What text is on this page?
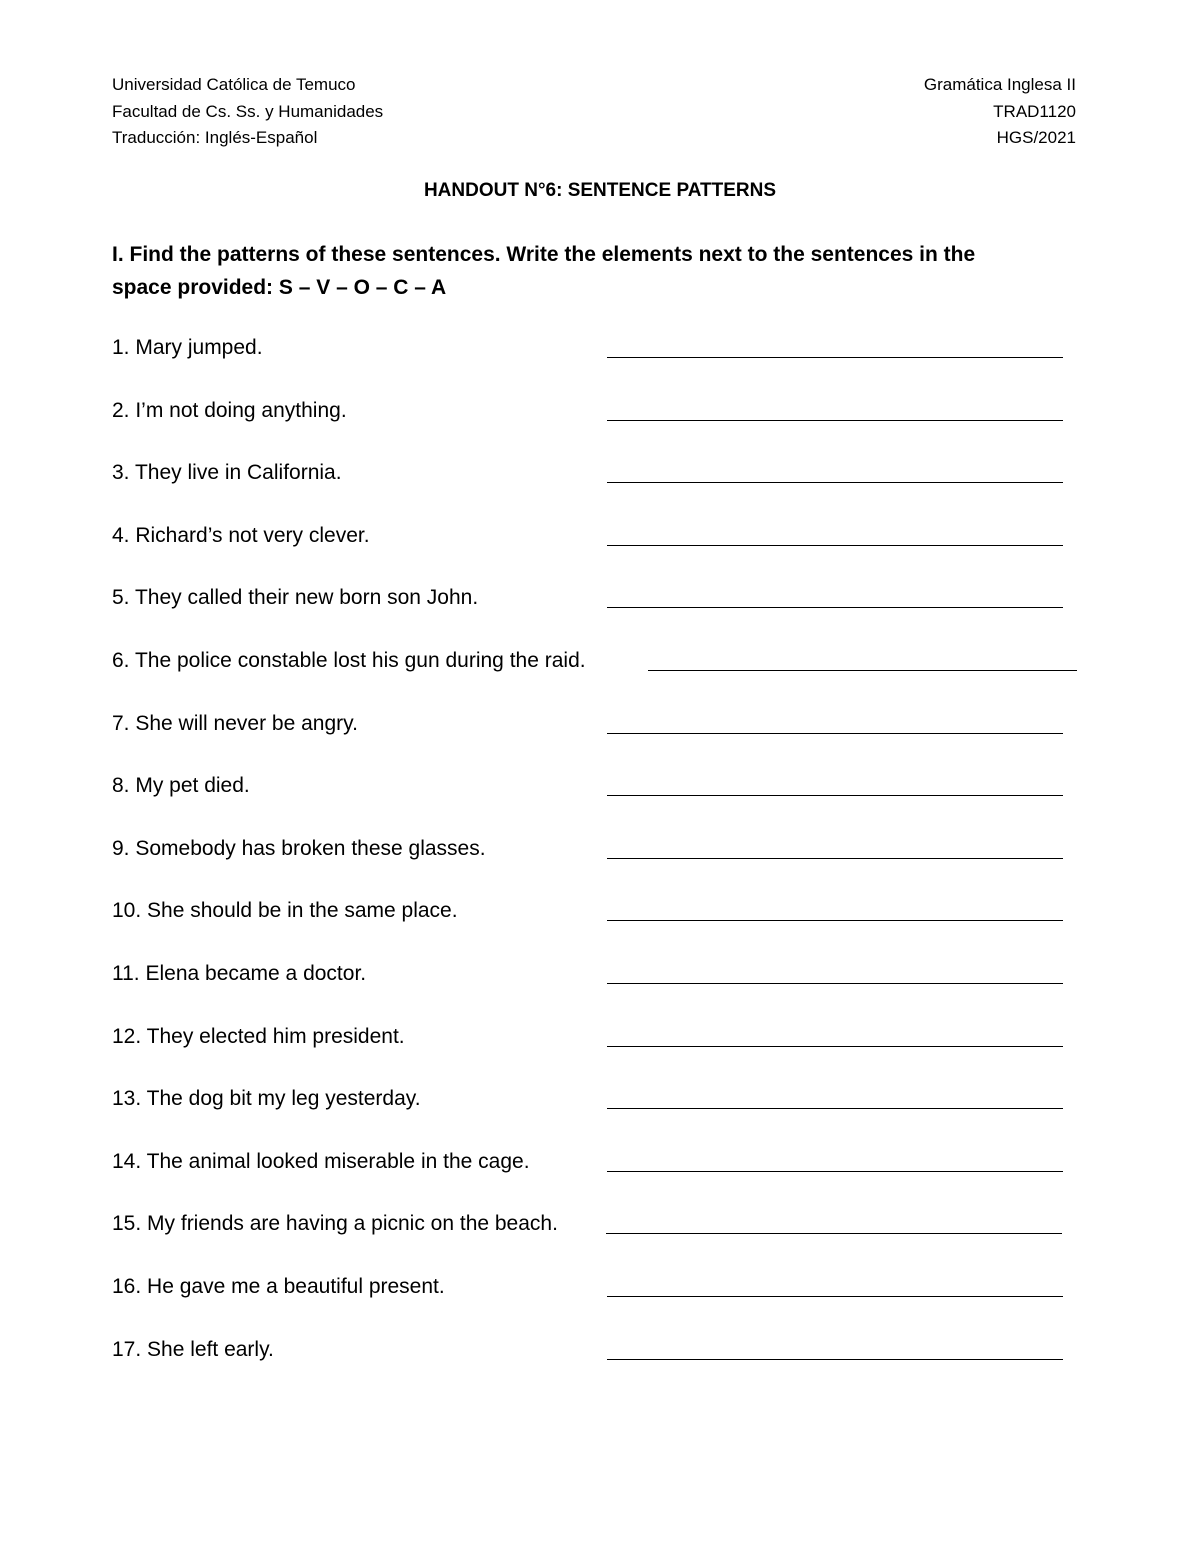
Universidad Católica de Temuco
Facultad de Cs. Ss. y Humanidades
Traducción: Inglés-Español
Gramática Inglesa II
TRAD1120
HGS/2021
HANDOUT N°6: SENTENCE PATTERNS
I. Find the patterns of these sentences. Write the elements next to the sentences in the
space provided: S – V – O – C – A
1. Mary jumped.
2. I’m not doing anything.
3. They live in California.
4. Richard’s not very clever.
5. They called their new born son John.
6. The police constable lost his gun during the raid.
7. She will never be angry.
8. My pet died.
9. Somebody has broken these glasses.
10. She should be in the same place.
11. Elena became a doctor.
12. They elected him president.
13. The dog bit my leg yesterday.
14. The animal looked miserable in the cage.
15. My friends are having a picnic on the beach.
16. He gave me a beautiful present.
17. She left early.
